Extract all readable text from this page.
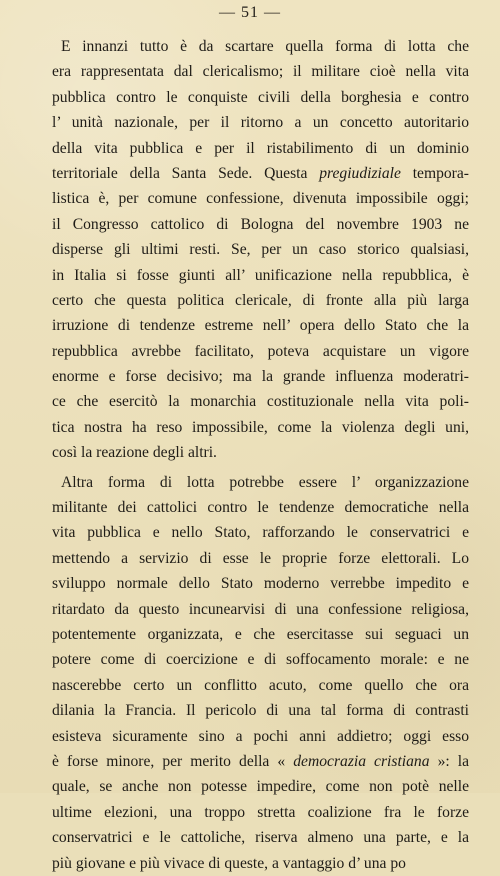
— 51 —
E innanzi tutto è da scartare quella forma di lotta che
era rappresentata dal clericalismo; il militare cioè nella vita
pubblica contro le conquiste civili della borghesia e contro
l’ unità nazionale, per il ritorno a un concetto autoritario
della vita pubblica e per il ristabilimento di un dominio
territoriale della Santa Sede. Questa pregiudiziale tempora-
listica è, per comune confessione, divenuta impossibile oggi;
il Congresso cattolico di Bologna del novembre 1903 ne
disperse gli ultimi resti. Se, per un caso storico qualsiasi,
in Italia si fosse giunti all’ unificazione nella repubblica, è
certo che questa politica clericale, di fronte alla più larga
irruzione di tendenze estreme nell’ opera dello Stato che la
repubblica avrebbe facilitato, poteva acquistare un vigore
enorme e forse decisivo; ma la grande influenza moderatri-
ce che esercitò la monarchia costituzionale nella vita poli-
tica nostra ha reso impossibile, come la violenza degli uni,
così la reazione degli altri.
Altra forma di lotta potrebbe essere l’ organizzazione
militante dei cattolici contro le tendenze democratiche nella
vita pubblica e nello Stato, rafforzando le conservatrici e
mettendo a servizio di esse le proprie forze elettorali. Lo
sviluppo normale dello Stato moderno verrebbe impedito e
ritardato da questo incunearvisi di una confessione religiosa,
potentemente organizzata, e che esercitasse sui seguaci un
potere come di coercizione e di soffocamento morale: e ne
nascerebbe certo un conflitto acuto, come quello che ora
dilania la Francia. Il pericolo di una tal forma di contrasti
esisteva sicuramente sino a pochi anni addietro; oggi esso
è forse minore, per merito della « democrazia cristiana »: la
quale, se anche non potesse impedire, come non potè nelle
ultime elezioni, una troppo stretta coalizione fra le forze
conservatrici e le cattoliche, riserva almeno una parte, e la
più giovane e più vivace di queste, a vantaggio d’ una po
